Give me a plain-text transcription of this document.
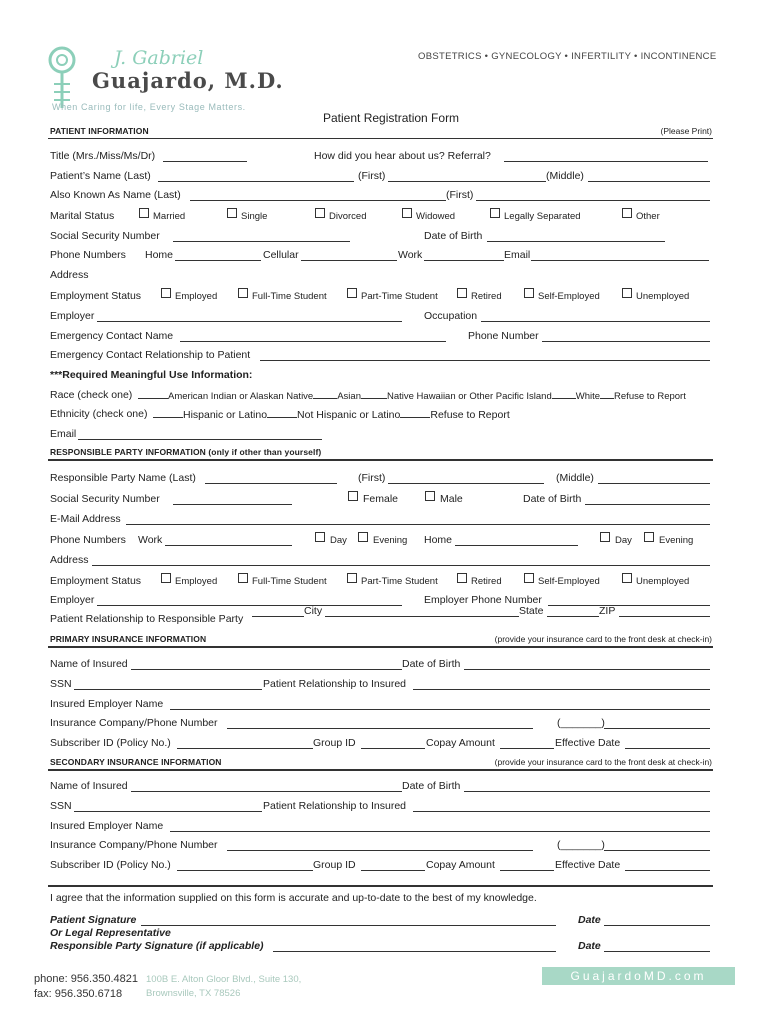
J. Gabriel
Guajardo, M.D.
When Caring for life, Every Stage Matters.
OBSTETRICS • GYNECOLOGY • INFERTILITY • INCONTINENCE
Patient Registration Form
PATIENT INFORMATION	(Please Print)
Title (Mrs./Miss/Ms/Dr)	How did you hear about us? Referral?
Patient’s Name (Last)	(First)	(Middle)
Also Known As Name (Last)	(First)
Marital Status	Married	Single	Divorced	Widowed	Legally Separated	Other
Social Security Number	Date of Birth
Phone Numbers Home	Cellular	Work	Email
Address
Employment Status	Employed	Full-Time Student	Part-Time Student	Retired	Self-Employed	Unemployed
Employer	Occupation
Emergency Contact Name	Phone Number
Emergency Contact Relationship to Patient
***Required Meaningful Use Information:
Race (check one)	American Indian or Alaskan Native	Asian	Native Hawaiian or Other Pacific Island	White Refuse to Report
Ethnicity (check one)	Hispanic or Latino	Not Hispanic or Latino	Refuse to Report
Email
RESPONSIBLE PARTY INFORMATION (only if other than yourself)
Responsible Party Name (Last)	(First)	(Middle)
Social Security Number	Female	Male	Date of Birth
E-Mail Address
Phone Numbers Work	Day	Evening Home	Day	Evening
Address
Employment Status	Employed	Full-Time Student	Part-Time Student	Retired	Self-Employed	Unemployed
Employer	Employer Phone Number
Patient Relationship to Responsible Party
City	State	ZIP
PRIMARY INSURANCE INFORMATION	(provide your insurance card to the front desk at check-in)
Name of Insured	Date of Birth
SSN	Patient Relationship to Insured
Insured Employer Name
Insurance Company/Phone Number	(_______)
Subscriber ID (Policy No.)	Group ID	Copay Amount	Effective Date
SECONDARY INSURANCE INFORMATION	(provide your insurance card to the front desk at check-in)
Name of Insured	Date of Birth
SSN	Patient Relationship to Insured
Insured Employer Name
Insurance Company/Phone Number	(_______)
Subscriber ID (Policy No.)	Group ID	Copay Amount	Effective Date
I agree that the information supplied on this form is accurate and up-to-date to the best of my knowledge.
Patient Signature	Date
Or Legal Representative
Responsible Party Signature (if applicable)	Date
phone: 956.350.4821
fax: 956.350.6718
100B E. Alton Gloor Blvd., Suite 130,
Brownsville, TX 78526
GuajardoMD.com
